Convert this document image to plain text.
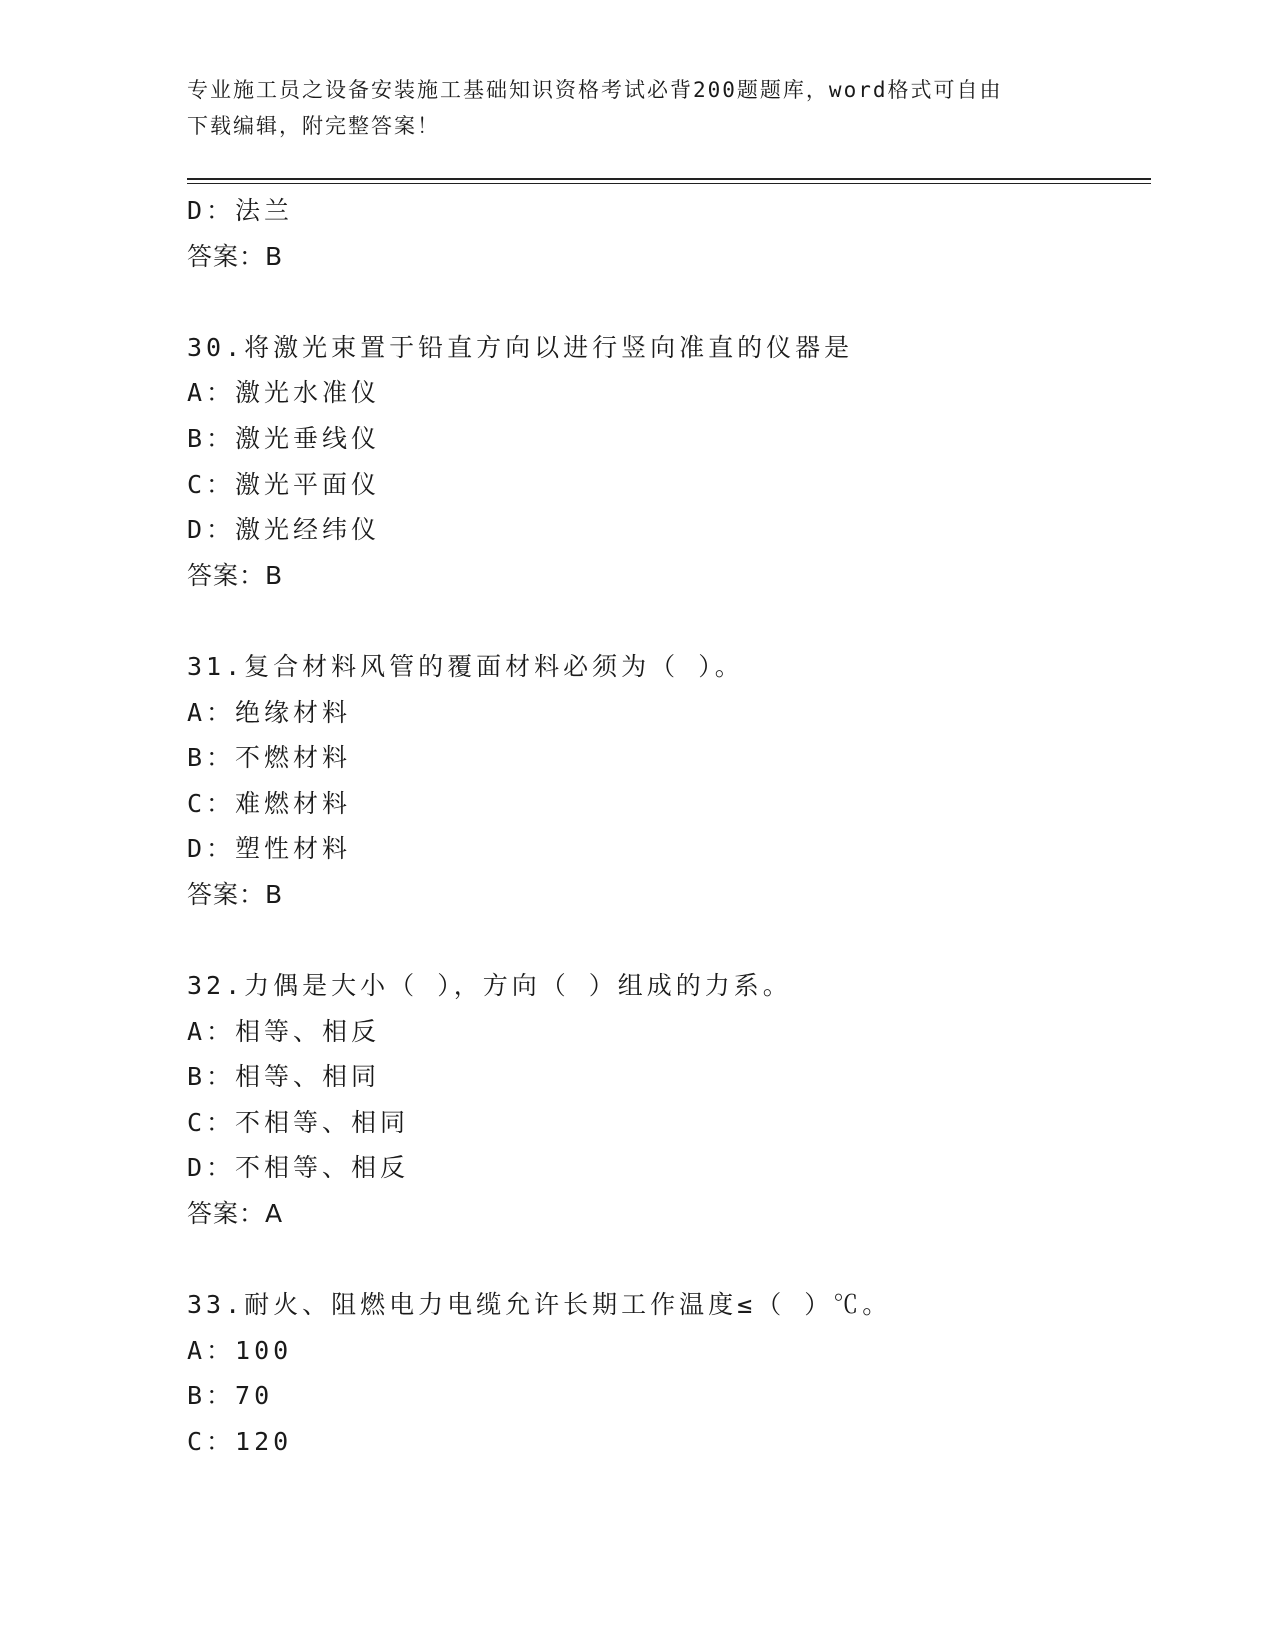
专业施工员之设备安装施工基础知识资格考试必背200题题库，word格式可自由
下载编辑，附完整答案！
D：法兰
答案：B
30.将激光束置于铅直方向以进行竖向准直的仪器是
A：激光水准仪
B：激光垂线仪
C：激光平面仪
D：激光经纬仪
答案：B
31.复合材料风管的覆面材料必须为（ ）。
A：绝缘材料
B：不燃材料
C：难燃材料
D：塑性材料
答案：B
32.力偶是大小（ ），方向（ ）组成的力系。
A：相等、相反
B：相等、相同
C：不相等、相同
D：不相等、相反
答案：A
33.耐火、阻燃电力电缆允许长期工作温度≤（ ）℃。
A：100
B：70
C：120
